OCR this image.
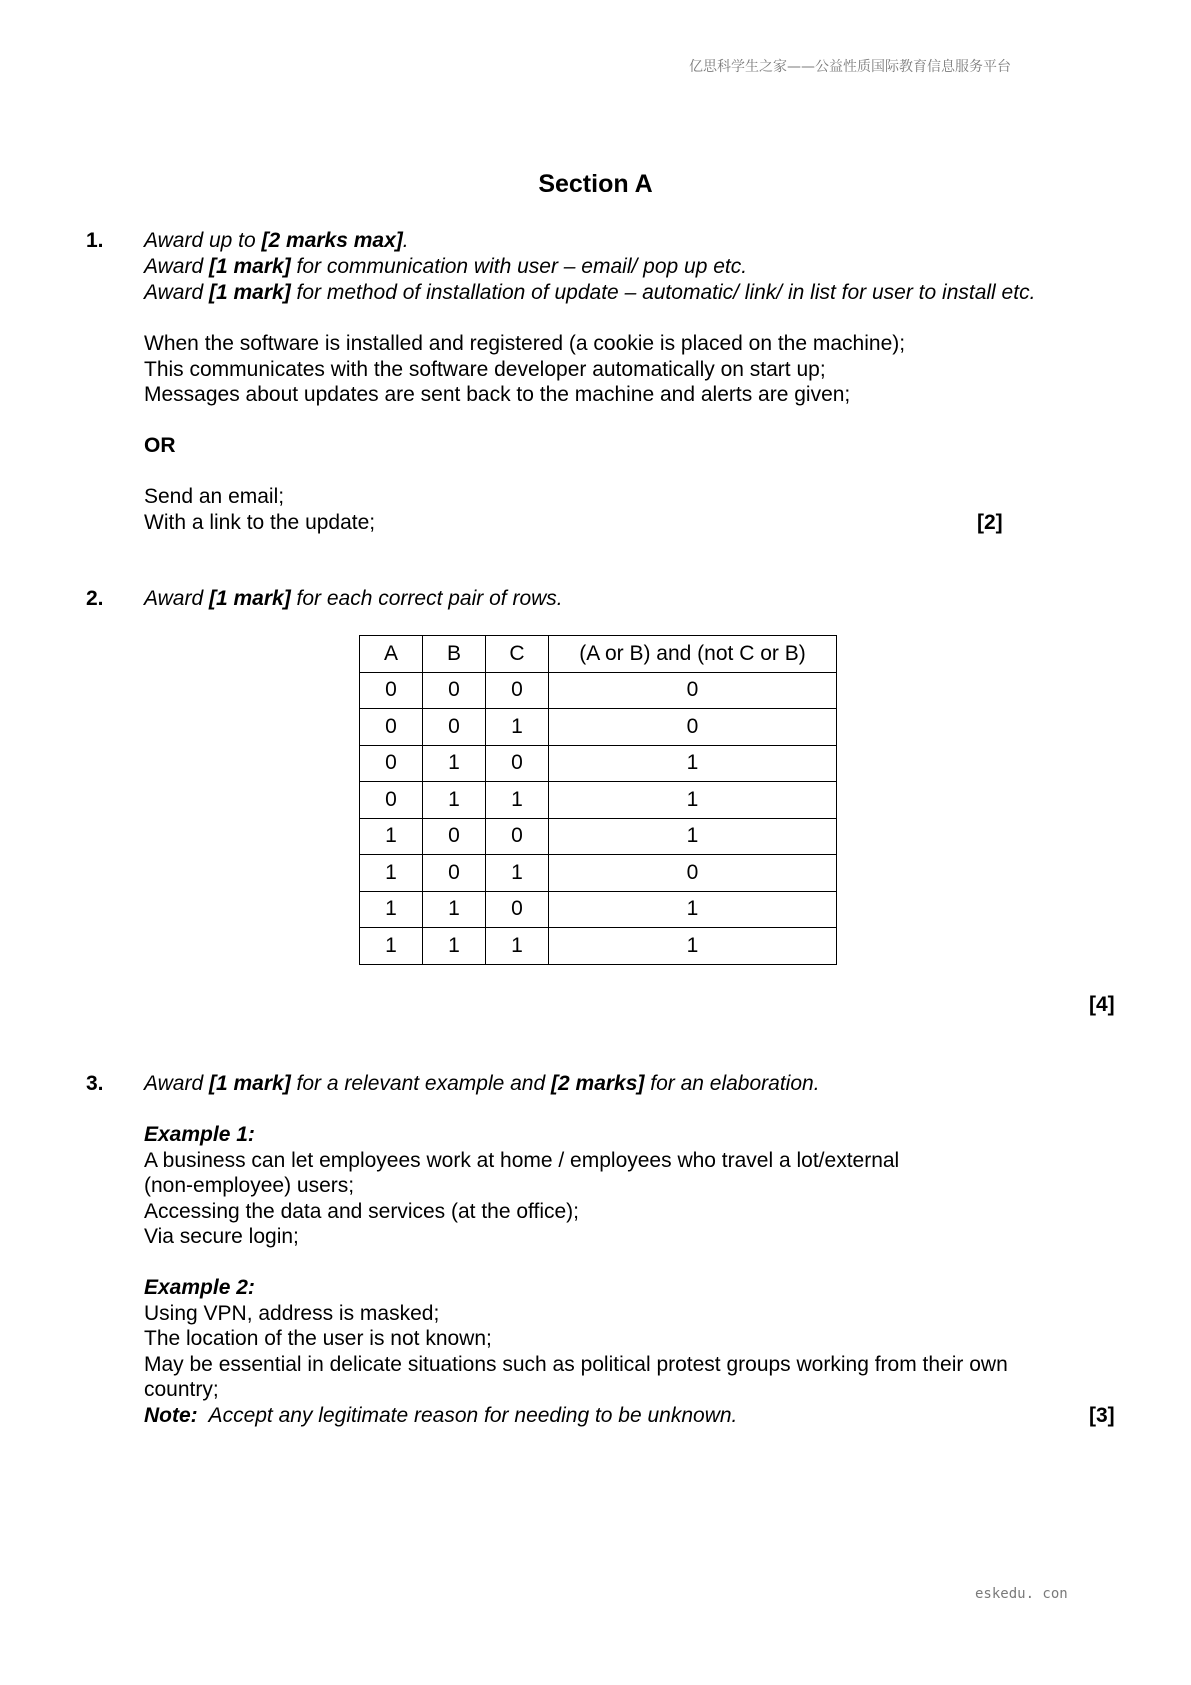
亿思科学生之家——公益性质国际教育信息服务平台
Section A
1. Award up to [2 marks max].
Award [1 mark] for communication with user – email/ pop up etc.
Award [1 mark] for method of installation of update – automatic/ link/ in list for user to install etc.
When the software is installed and registered (a cookie is placed on the machine);
This communicates with the software developer automatically on start up;
Messages about updates are sent back to the machine and alerts are given;
OR
Send an email;
With a link to the update;	[2]
2. Award [1 mark] for each correct pair of rows.
A	B	C	(A or B) and (not C or B)
0	0	0	0
0	0	1	0
0	1	0	1
0	1	1	1
1	0	0	1
1	0	1	0
1	1	0	1
1	1	1	1
[4]
3. Award [1 mark] for a relevant example and [2 marks] for an elaboration.
Example 1:
A business can let employees work at home / employees who travel a lot/external
(non-employee) users;
Accessing the data and services (at the office);
Via secure login;
Example 2:
Using VPN, address is masked;
The location of the user is not known;
May be essential in delicate situations such as political protest groups working from their own
country;
Note:  Accept any legitimate reason for needing to be unknown.	[3]
eskedu. con
